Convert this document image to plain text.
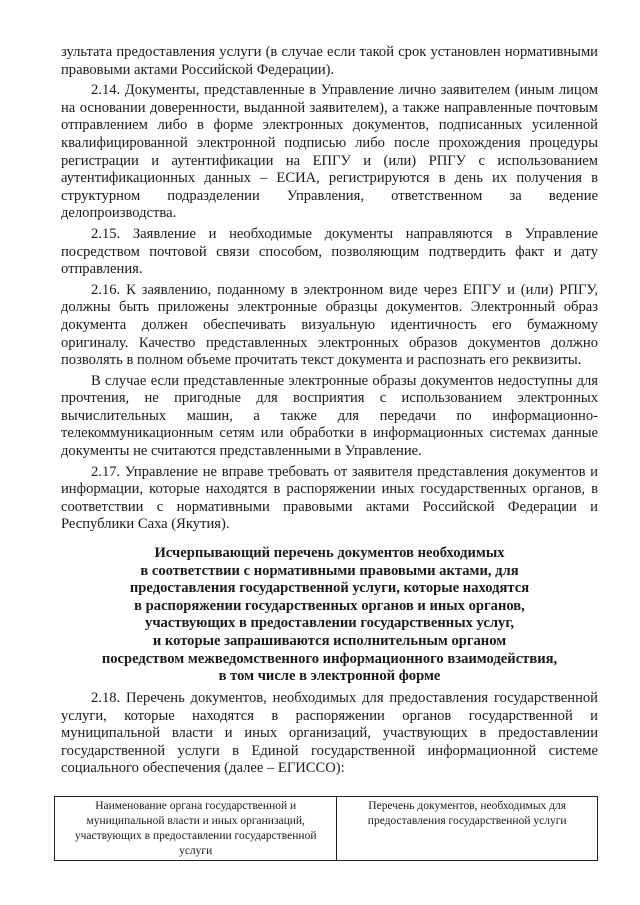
зультата предоставления услуги (в случае если такой срок установлен нормативными правовыми актами Российской Федерации).

2.14. Документы, представленные в Управление лично заявителем (иным лицом на основании доверенности, выданной заявителем), а также направленные почтовым отправлением либо в форме электронных документов, подписанных усиленной квалифицированной электронной подписью либо после прохождения процедуры регистрации и аутентификации на ЕПГУ и (или) РПГУ с использованием аутентификационных данных – ЕСИА, регистрируются в день их получения в структурном подразделении Управления, ответственном за ведение делопроизводства.

2.15. Заявление и необходимые документы направляются в Управление посредством почтовой связи способом, позволяющим подтвердить факт и дату отправления.

2.16. К заявлению, поданному в электронном виде через ЕПГУ и (или) РПГУ, должны быть приложены электронные образцы документов. Электронный образ документа должен обеспечивать визуальную идентичность его бумажному оригиналу. Качество представленных электронных образов документов должно позволять в полном объеме прочитать текст документа и распознать его реквизиты.

В случае если представленные электронные образы документов недоступны для прочтения, не пригодные для восприятия с использованием электронных вычислительных машин, а также для передачи по информационно-телекоммуникационным сетям или обработки в информационных системах данные документы не считаются представленными в Управление.

2.17. Управление не вправе требовать от заявителя представления документов и информации, которые находятся в распоряжении иных государственных органов, в соответствии с нормативными правовыми актами Российской Федерации и Республики Саха (Якутия).

Исчерпывающий перечень документов необходимых
в соответствии с нормативными правовыми актами, для
предоставления государственной услуги, которые находятся
в распоряжении государственных органов и иных органов,
участвующих в предоставлении государственных услуг,
и которые запрашиваются исполнительным органом
посредством межведомственного информационного взаимодействия,
в том числе в электронной форме

2.18. Перечень документов, необходимых для предоставления государственной услуги, которые находятся в распоряжении органов государственной и муниципальной власти и иных организаций, участвующих в предоставлении государственной услуги в Единой государственной информационной системе социального обеспечения (далее – ЕГИССО):

Наименование органа государственной и муниципальной власти и иных организаций, участвующих в предоставлении государственной услуги	Перечень документов, необходимых для предоставления государственной услуги
